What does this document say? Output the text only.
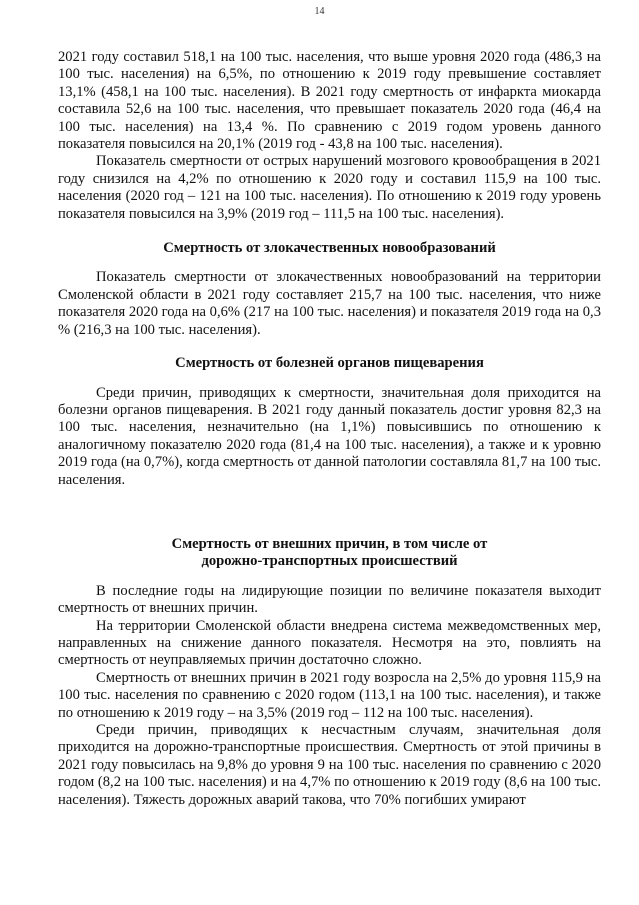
14

2021 году составил 518,1 на 100 тыс. населения, что выше уровня 2020 года (486,3 на 100 тыс. населения) на 6,5%, по отношению к 2019 году превышение составляет 13,1% (458,1 на 100 тыс. населения). В 2021 году смертность от инфаркта миокарда составила 52,6 на 100 тыс. населения, что превышает показатель 2020 года (46,4 на 100 тыс. населения) на 13,4 %. По сравнению с 2019 годом уровень данного показателя повысился на 20,1% (2019 год - 43,8 на 100 тыс. населения).

Показатель смертности от острых нарушений мозгового кровообращения в 2021 году снизился на 4,2% по отношению к 2020 году и составил 115,9 на 100 тыс. населения (2020 год – 121 на 100 тыс. населения). По отношению к 2019 году уровень показателя повысился на 3,9% (2019 год – 111,5 на 100 тыс. населения).

Смертность от злокачественных новообразований

Показатель смертности от злокачественных новообразований на территории Смоленской области в 2021 году составляет 215,7 на 100 тыс. населения, что ниже показателя 2020 года на 0,6% (217 на 100 тыс. населения) и показателя 2019 года на 0,3 % (216,3 на 100 тыс. населения).

Смертность от болезней органов пищеварения

Среди причин, приводящих к смертности, значительная доля приходится на болезни органов пищеварения. В 2021 году данный показатель достиг уровня 82,3 на 100 тыс. населения, незначительно (на 1,1%) повысившись по отношению к аналогичному показателю 2020 года (81,4 на 100 тыс. населения), а также и к уровню 2019 года (на 0,7%), когда смертность от данной патологии составляла 81,7 на 100 тыс. населения.

Смертность от внешних причин, в том числе от
дорожно-транспортных происшествий

В последние годы на лидирующие позиции по величине показателя выходит смертность от внешних причин.

На территории Смоленской области внедрена система межведомственных мер, направленных на снижение данного показателя. Несмотря на это, повлиять на смертность от неуправляемых причин достаточно сложно.

Смертность от внешних причин в 2021 году возросла на 2,5% до уровня 115,9 на 100 тыс. населения по сравнению с 2020 годом (113,1 на 100 тыс. населения), и также по отношению к 2019 году – на 3,5% (2019 год – 112 на 100 тыс. населения).

Среди причин, приводящих к несчастным случаям, значительная доля приходится на дорожно-транспортные происшествия. Смертность от этой причины в 2021 году повысилась на 9,8% до уровня 9 на 100 тыс. населения по сравнению с 2020 годом (8,2 на 100 тыс. населения) и на 4,7% по отношению к 2019 году (8,6 на 100 тыс. населения). Тяжесть дорожных аварий такова, что 70% погибших умирают
